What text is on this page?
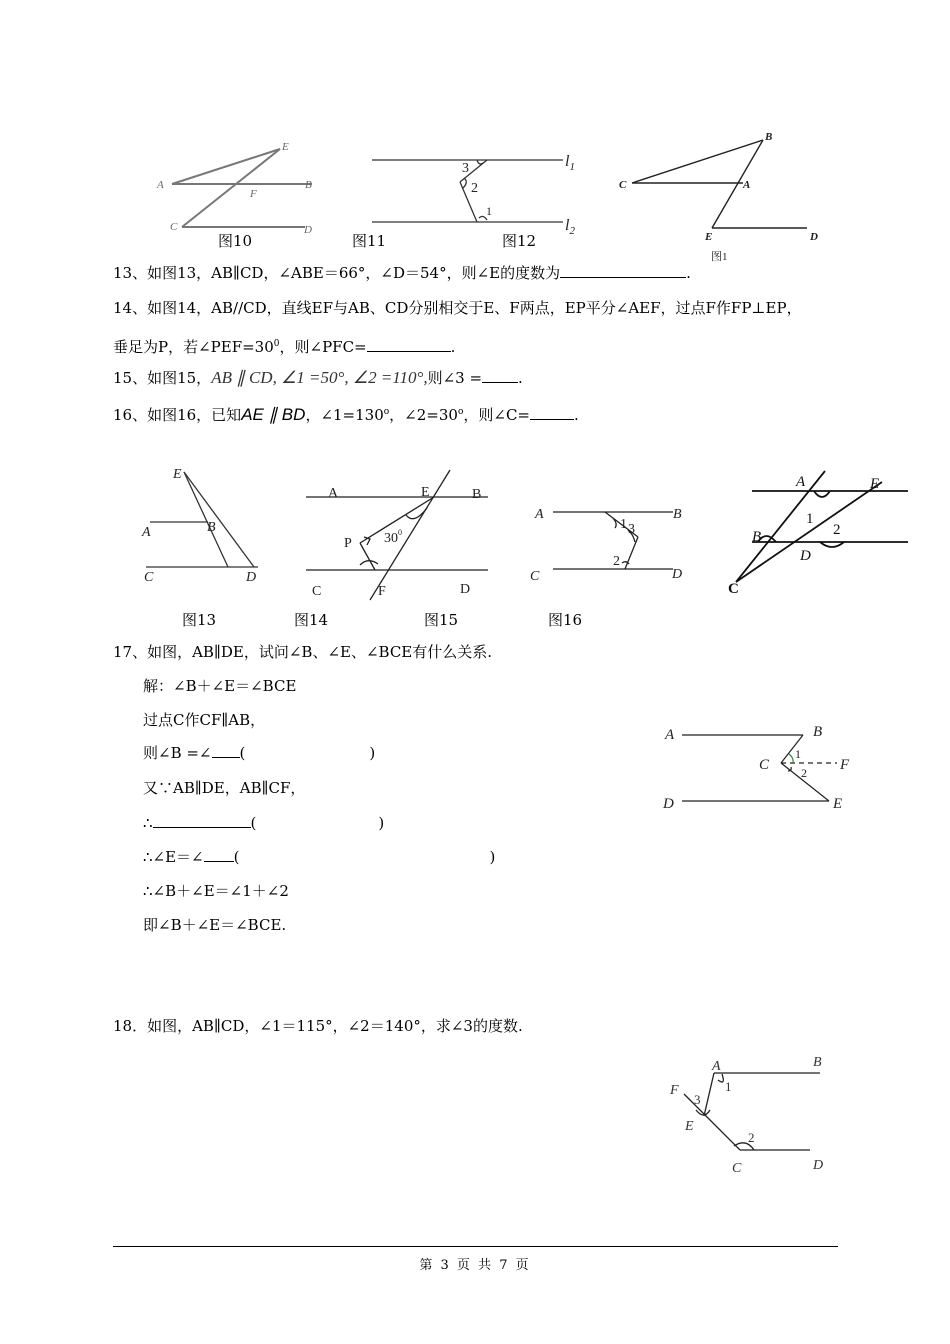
E
A
F
B
C	D
图10
3
2
1
$l_1$
$l_2$
图11	图12
B
C	A
E	D
图1
13、如图13，AB∥CD，∠ABE＝66°，∠D＝54°，则∠E的度数为	.
14、如图14，AB//CD，直线EF与AB、CD分别相交于E、F两点，EP平分∠AEF，过点F作FP⊥EP，
垂足为P，若$\angle PEF=30^0$，则∠PFC=	.
15、如图15，AB ∥ CD, ∠1 =50°, ∠2 =110°,则∠3 = .
16、如图16，已知AE ∥ BD，$\angle 1=130^o$，$\angle 2=30^o$，则∠C=	.
E
A	B
C	D
图13
A	E	B
P $30^0$
C	F	D
图14
A	B
C	D
1 3
2
图15	图16
A	E
B
D
C
1
2
17、如图，AB∥DE，试问∠B、∠E、∠BCE有什么关系.
解：∠B＋∠E＝∠BCE
过点C作CF∥AB，
则∠B =∠ (	)
又∵AB∥DE，AB∥CF，
∴	(	)
∴∠E＝∠ (	)
∴∠B＋∠E＝∠1＋∠2
即∠B＋∠E＝∠BCE.
A	B
C	F
D	E
1
2
18．如图，AB∥CD，∠1＝115°，∠2＝140°，求∠3的度数.
A	B
F
E
C	D
1
2
3
第 3 页 共 7 页
